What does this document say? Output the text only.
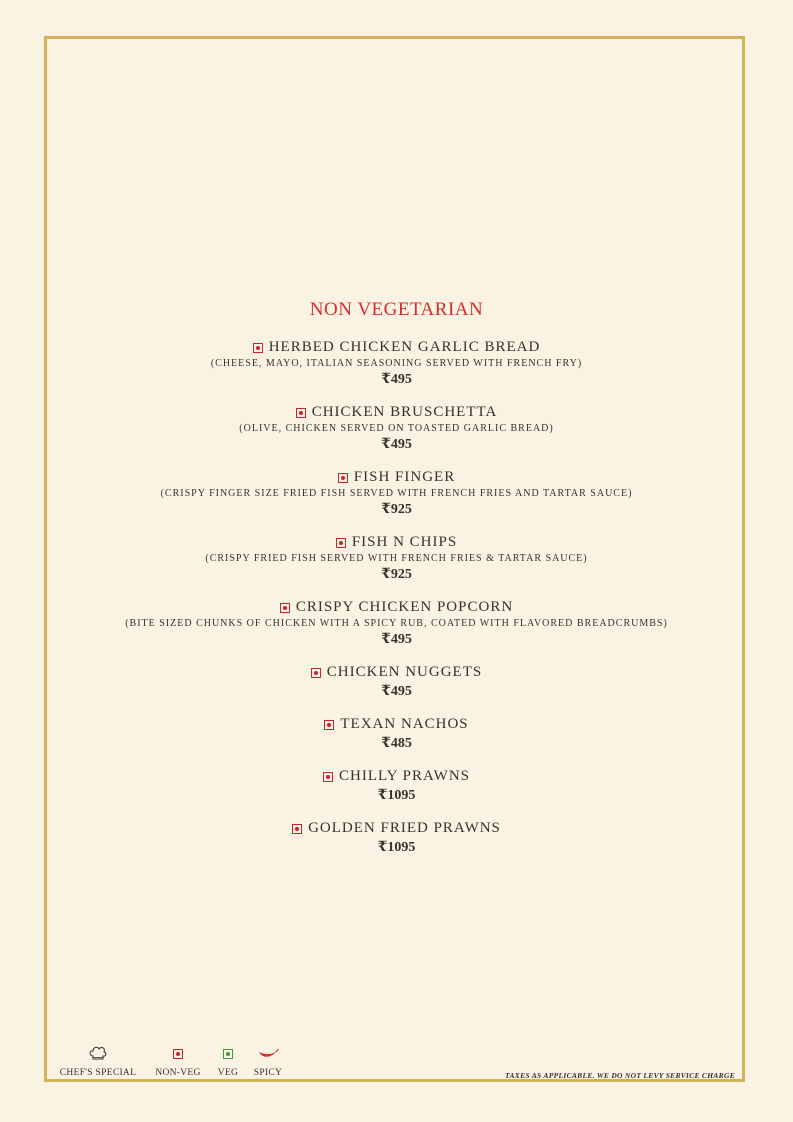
NON VEGETARIAN
HERBED CHICKEN GARLIC BREAD
(CHEESE, MAYO, ITALIAN SEASONING SERVED WITH FRENCH FRY)
₹495
CHICKEN BRUSCHETTA
(OLIVE, CHICKEN SERVED ON TOASTED GARLIC BREAD)
₹495
FISH FINGER
(CRISPY FINGER SIZE FRIED FISH SERVED WITH FRENCH FRIES AND TARTAR SAUCE)
₹925
FISH N CHIPS
(CRISPY FRIED FISH SERVED WITH FRENCH FRIES & TARTAR SAUCE)
₹925
CRISPY CHICKEN POPCORN
(BITE SIZED CHUNKS OF CHICKEN WITH A SPICY RUB, COATED WITH FLAVORED BREADCRUMBS)
₹495
CHICKEN NUGGETS
₹495
TEXAN NACHOS
₹485
CHILLY PRAWNS
₹1095
GOLDEN FRIED PRAWNS
₹1095
CHEF'S SPECIAL	NON-VEG	VEG	SPICY	TAXES AS APPLICABLE. WE DO NOT LEVY SERVICE CHARGE
